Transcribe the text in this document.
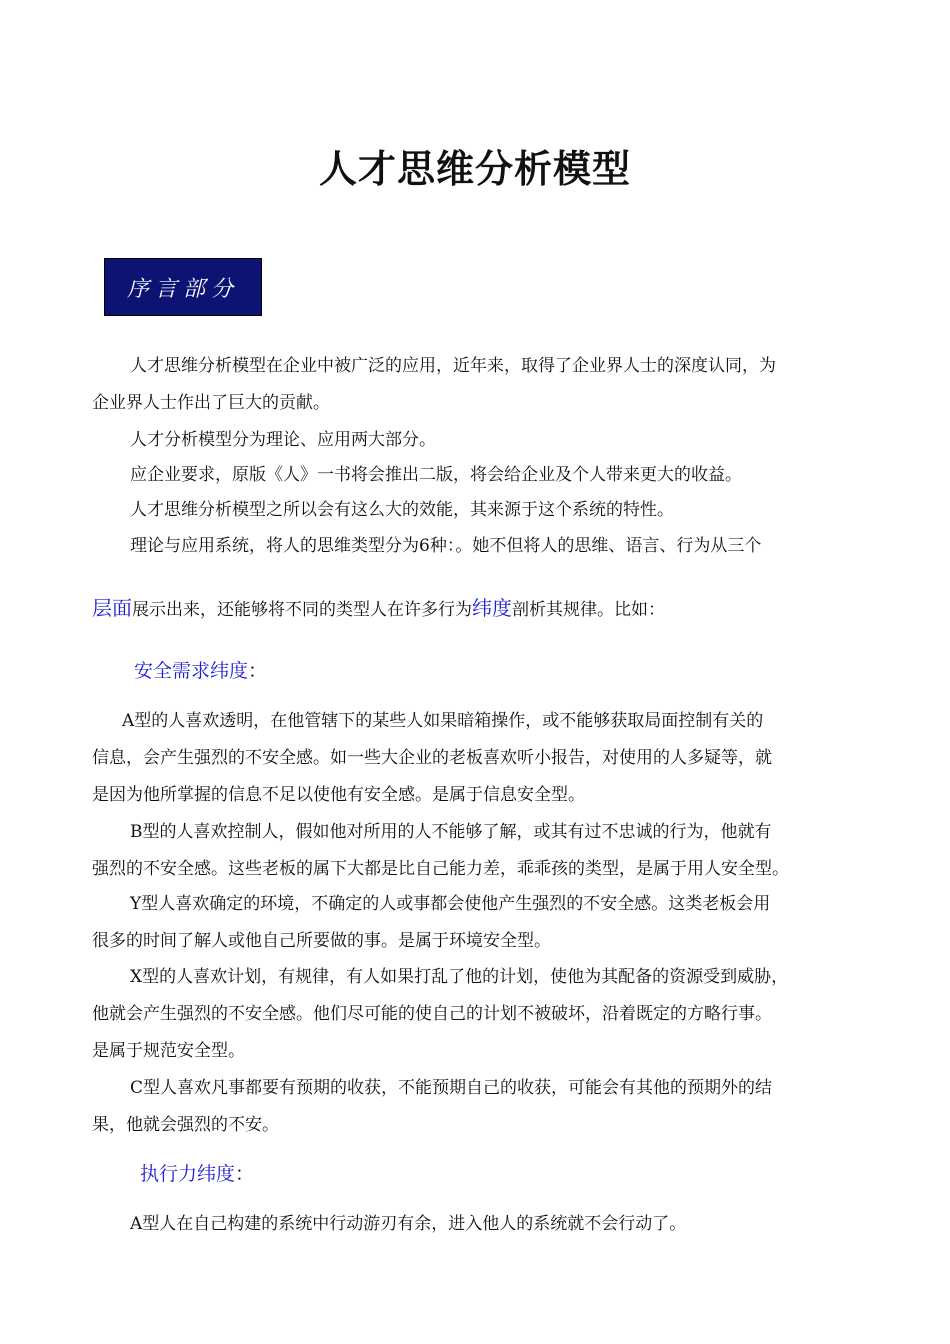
人才思维分析模型
序言部分
人才思维分析模型在企业中被广泛的应用，近年来，取得了企业界人士的深度认同，为
企业界人士作出了巨大的贡献。
人才分析模型分为理论、应用两大部分。
应企业要求，原版《人》一书将会推出二版，将会给企业及个人带来更大的收益。
人才思维分析模型之所以会有这么大的效能，其来源于这个系统的特性。
理论与应用系统，将人的思维类型分为6种：。她不但将人的思维、语言、行为从三个
层面展示出来，还能够将不同的类型人在许多行为纬度剖析其规律。比如：
安全需求纬度：
A型的人喜欢透明，在他管辖下的某些人如果暗箱操作，或不能够获取局面控制有关的
信息，会产生强烈的不安全感。如一些大企业的老板喜欢听小报告，对使用的人多疑等，就
是因为他所掌握的信息不足以使他有安全感。是属于信息安全型。
B型的人喜欢控制人，假如他对所用的人不能够了解，或其有过不忠诚的行为，他就有
强烈的不安全感。这些老板的属下大都是比自己能力差，乖乖孩的类型，是属于用人安全型。
Y型人喜欢确定的环境，不确定的人或事都会使他产生强烈的不安全感。这类老板会用
很多的时间了解人或他自己所要做的事。是属于环境安全型。
X型的人喜欢计划，有规律，有人如果打乱了他的计划，使他为其配备的资源受到威胁，
他就会产生强烈的不安全感。他们尽可能的使自己的计划不被破坏，沿着既定的方略行事。
是属于规范安全型。
C型人喜欢凡事都要有预期的收获，不能预期自己的收获，可能会有其他的预期外的结
果，他就会强烈的不安。
执行力纬度：
A型人在自己构建的系统中行动游刃有余，进入他人的系统就不会行动了。
